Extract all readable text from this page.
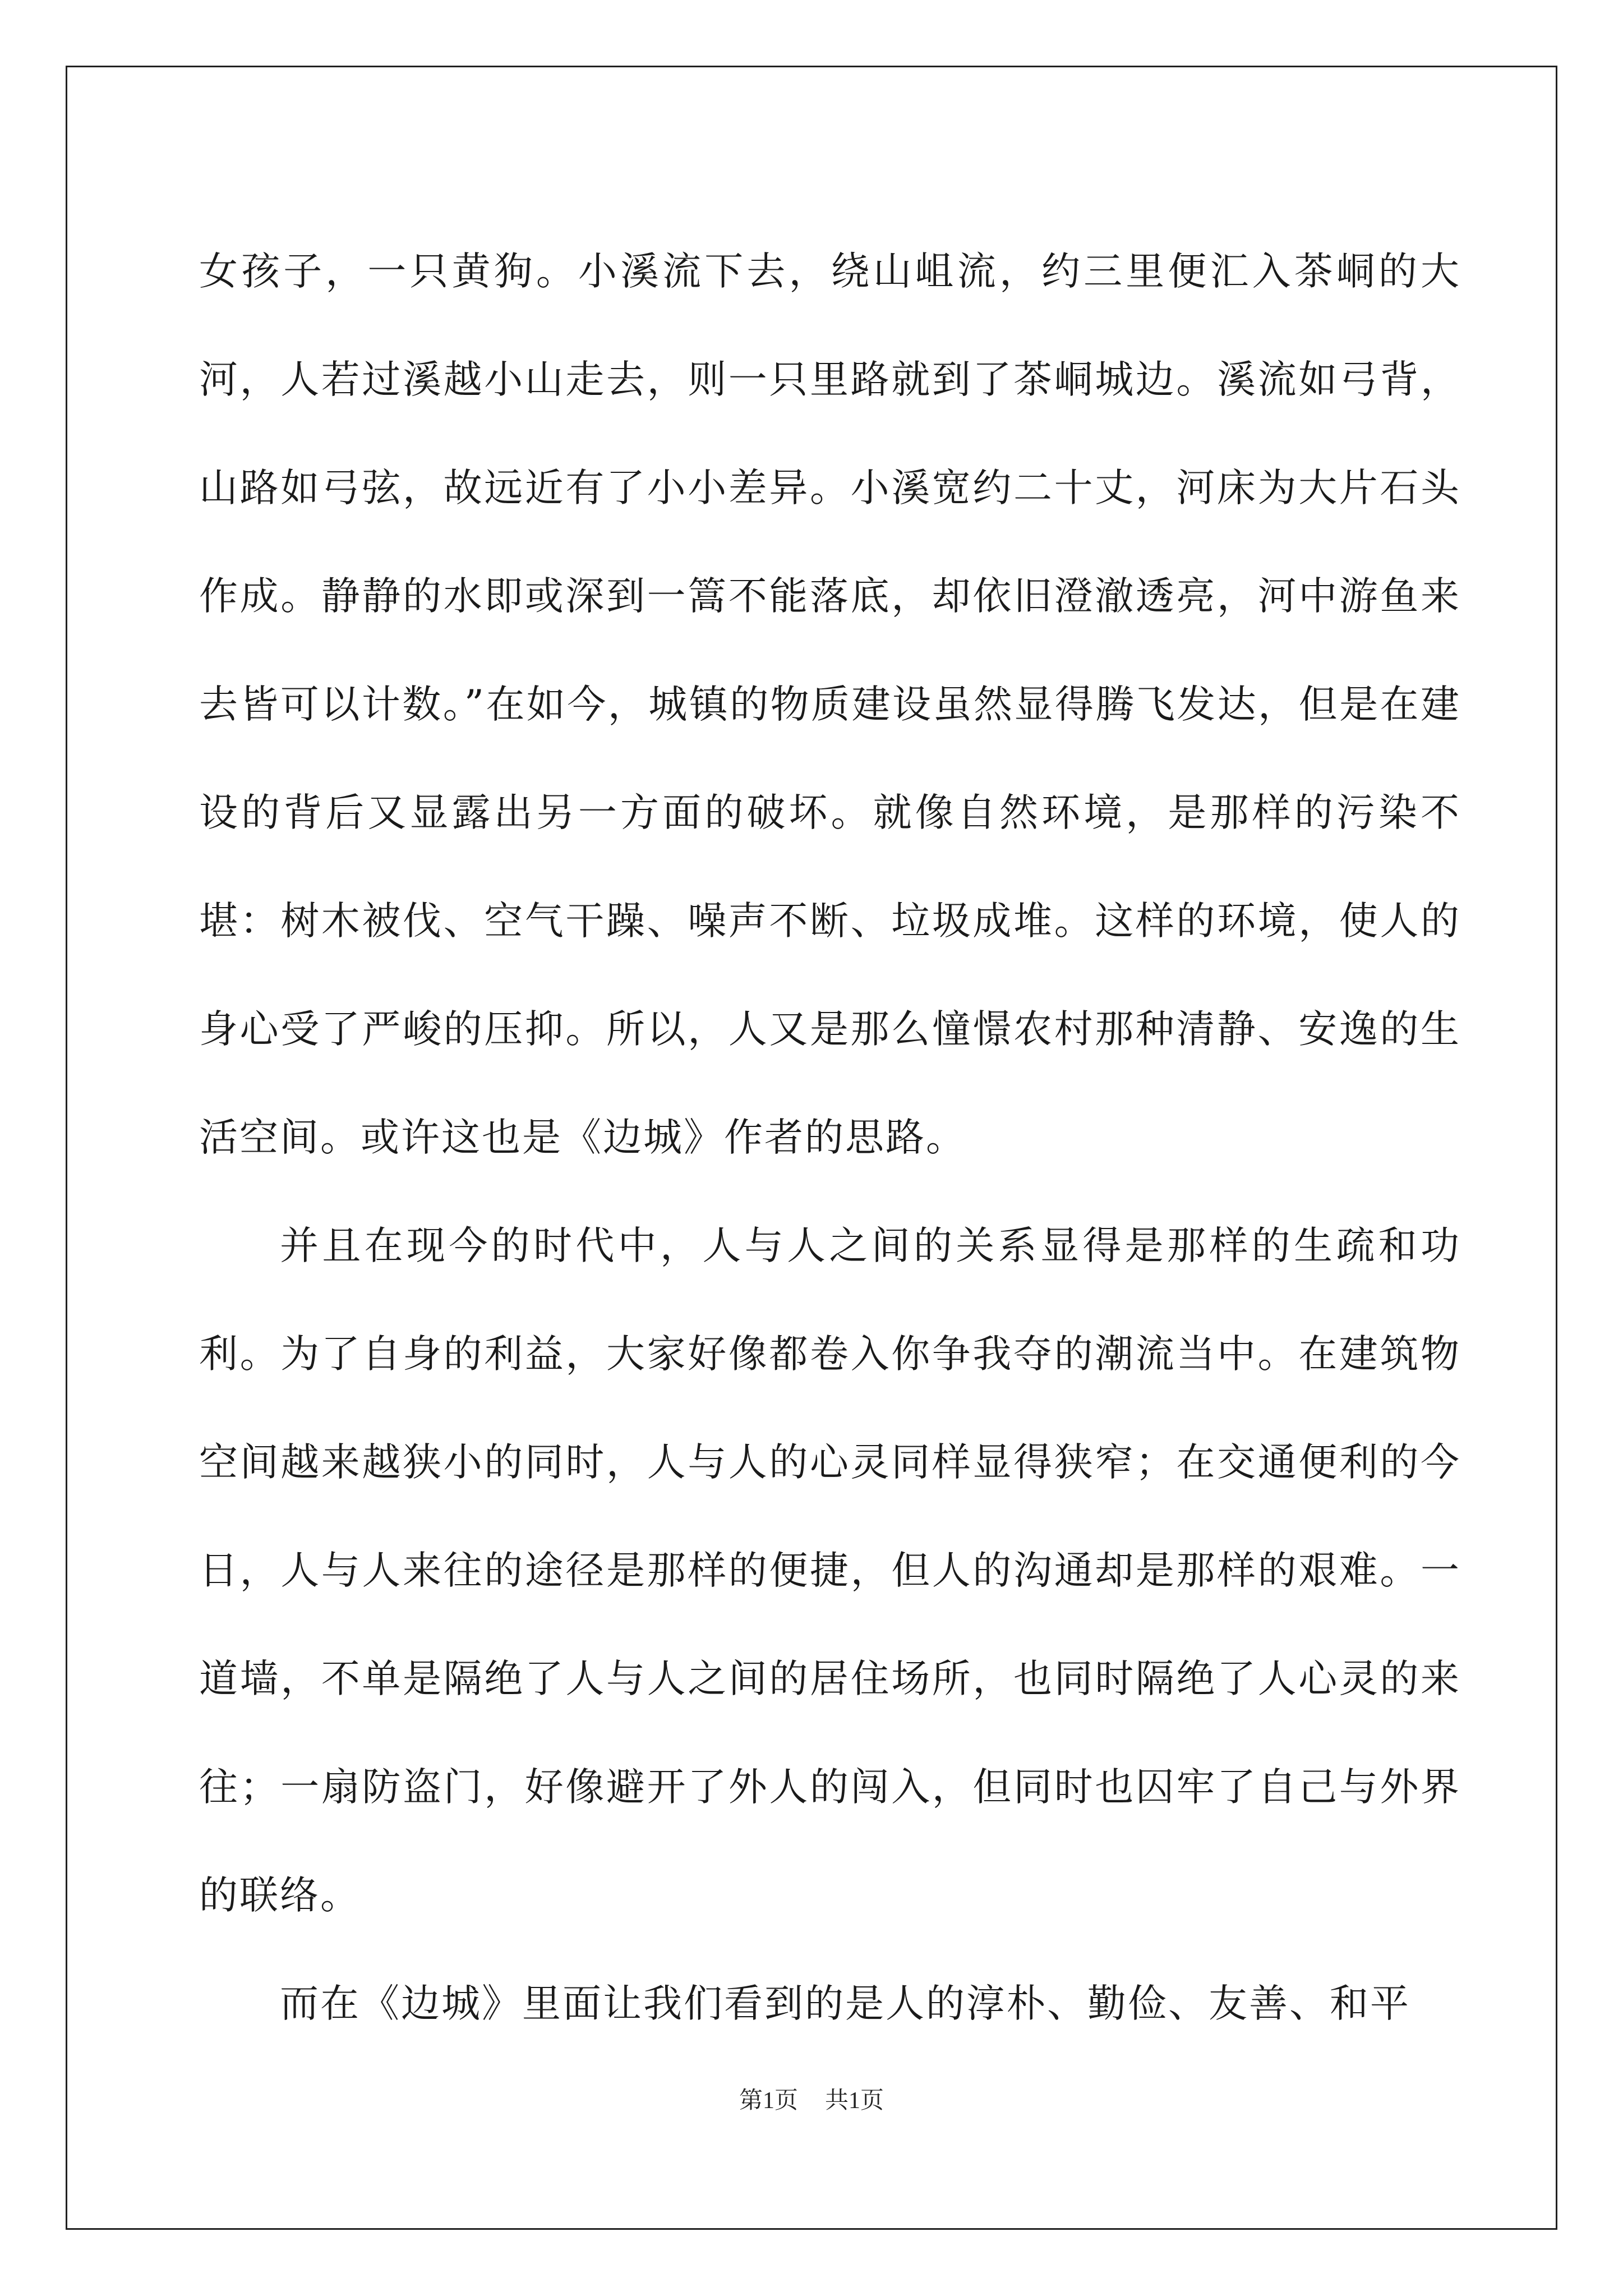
女孩子，一只黄狗。小溪流下去，绕山岨流，约三里便汇入茶峒的大河，人若过溪越小山走去，则一只里路就到了茶峒城边。溪流如弓背，山路如弓弦，故远近有了小小差异。小溪宽约二十丈，河床为大片石头作成。静静的水即或深到一篙不能落底，却依旧澄澈透亮，河中游鱼来去皆可以计数。”在如今，城镇的物质建设虽然显得腾飞发达，但是在建设的背后又显露出另一方面的破坏。就像自然环境，是那样的污染不堪：树木被伐、空气干躁、噪声不断、垃圾成堆。这样的环境，使人的身心受了严峻的压抑。所以，人又是那么憧憬农村那种清静、安逸的生活空间。或许这也是《边城》作者的思路。

并且在现今的时代中，人与人之间的关系显得是那样的生疏和功利。为了自身的利益，大家好像都卷入你争我夺的潮流当中。在建筑物空间越来越狭小的同时，人与人的心灵同样显得狭窄；在交通便利的今日，人与人来往的途径是那样的便捷，但人的沟通却是那样的艰难。一道墙，不单是隔绝了人与人之间的居住场所，也同时隔绝了人心灵的来往；一扇防盗门，好像避开了外人的闯入，但同时也囚牢了自己与外界的联络。

而在《边城》里面让我们看到的是人的淳朴、勤俭、友善、和平

第1页 共1页
